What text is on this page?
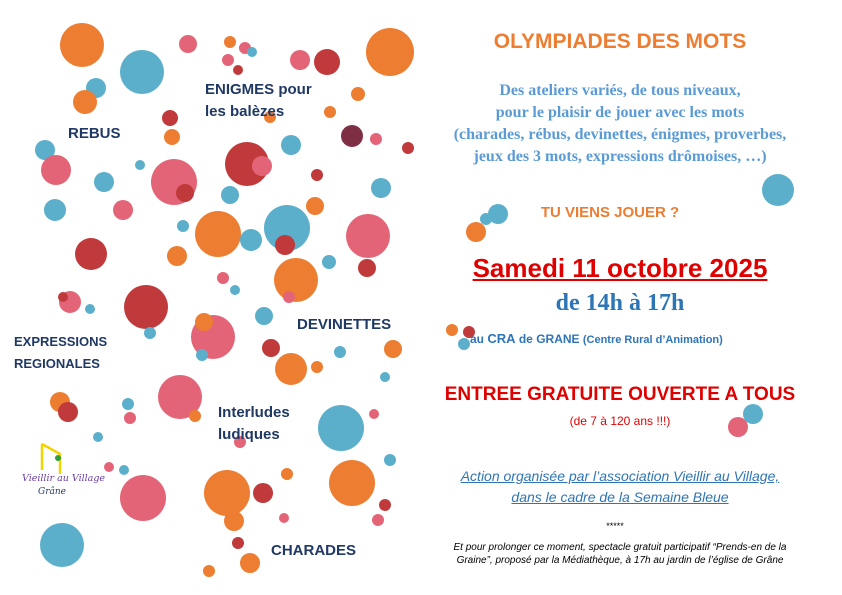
ENIGMES pour
les balèzes
REBUS
DEVINETTES
EXPRESSIONS
REGIONALES
Interludes
ludiques
CHARADES
Vieillir au Village
Grâne
OLYMPIADES DES MOTS
Des ateliers variés, de tous niveaux,
pour le plaisir de jouer avec les mots
(charades, rébus, devinettes, énigmes, proverbes,
jeux des 3 mots, expressions drômoises, …)
TU VIENS JOUER ?
Samedi 11 octobre 2025
de 14h à 17h
au CRA de GRANE (Centre Rural d’Animation)
ENTREE GRATUITE OUVERTE A TOUS
(de 7 à 120 ans !!!)
Action organisée par l’association Vieillir au Village,
dans le cadre de la Semaine Bleue
*****
Et pour prolonger ce moment, spectacle gratuit participatif “Prends-en de la
Graine”, proposé par la Médiathèque, à 17h au jardin de l’église de Grâne
